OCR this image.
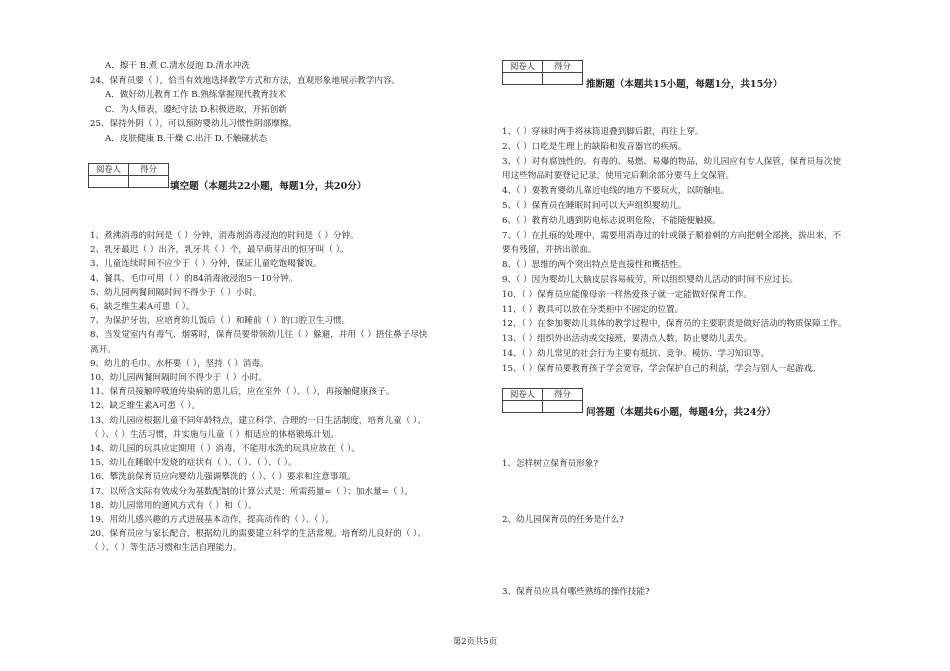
A．擦干 B.煮 C.清水侵泡 D.清水冲洗
24、保育员要（ ），恰当有效地选择教学方式和方法，直观形象地展示教学内容。
A．做好幼儿教育工作 B.熟练掌握现代教育技术
C．为人师表，遵纪守法 D.积极进取，开拓创新
25、保持外阴（ ），可以预防婴幼儿习惯性阴部摩擦。
A．皮肤健康 B.干燥 C.出汗 D.不触碰状态
阅卷人	得分

填空题（本题共22小题，每题1分，共20分）
1、煮沸消毒的时间是（ ）分钟，消毒剂消毒浸泡的时间是（ ）分钟。
2、乳牙最迟（ ）出齐，乳牙共（ ）个，最早萌芽出的恒牙叫（ ）。
3、儿童连续时间不应少于（ ）分钟，保证儿童吃饱喝餐饭。
4、餐具、毛巾可用（ ）的84消毒液浸泡5－10分钟。
5、幼儿园两餐间隔时间不得少于（ ）小时。
6、缺乏维生素A可患（ ）。
7、为保护牙齿，应培育幼儿饭后（ ）和睡前（ ）的口腔卫生习惯。
8、当发觉室内有毒气、烟雾时，保育员要带领幼儿往（ ）躲避，并用（ ）捂住鼻子尽快
离开。
9、幼儿的毛巾、水杯要（ ），坚持（ ）消毒。
10、幼儿园两餐间隔时间不得少于（ ）小时。
11、保育员接触呼吸道传染病的患儿后，应在室外（ ）、（ ），再接触健康孩子。
12、缺乏维生素A可患（ ）。
13、幼儿园应根据儿童不同年龄特点，建立科学、合理的一日生活制度，培育儿童（ ）、
（ ）、（ ）生活习惯，并实施与儿童（ ）相适应的体格锻炼计划。
14、幼儿园的玩具应定期用（ ）消毒，不能用水洗的玩具应放在（ ）。
15、幼儿在睡眠中发烧的症状有（ ）、（ ）、（ ）、（ ）。
16、攀洗前保育员应向婴幼儿强调攀洗的（ ）、（ ）要求和注意事项。
17、以所含实际有效成分为基数配制的计算公式是：所需药量=（ ）；加水量=（ ）。
18、幼儿园常用的通风方式有（ ）和（ ）。
19、用幼儿感兴趣的方式进展基本动作，提高动作的（ ）、（ ）。
20、保育员应与家长配合，根据幼儿的需要建立科学的生活常规。培育幼儿良好的（ ）、
（ ）、（ ）等生活习惯和生活自理能力。
阅卷人	得分

推断题（本题共15小题，每题1分，共15分）
1、（ ）穿袜时两手将袜筒退叠到脚后跟，再往上穿。
2、（ ）口吃是生理上的缺陷和发音器官的疾病。
3、（ ）对有腐蚀性的、有毒的、易燃、易爆的物品，幼儿园应有专人保管，保育员每次使
用这些物品时要登记记录，使用完后剩余部分要马上交保管。
4、（ ）要教育婴幼儿靠近电线的地方不要玩火，以防触电。
5、（ ）保育员在睡眠时间可以大声组织婴幼儿。
6、（ ）教育幼儿遇到防电标志说明危险，不能随便触摸。
7、（ ）在扎痕的处理中，需要用消毒过的针或镊子顺着刺的方向把刺全部挑，拔出来，不
要有残留，并挤出淤血。
8、（ ）思维的两个突出特点是直接性和概括性。
9、（ ）因为婴幼儿大脑皮层容易疲劳，所以组织婴幼儿活动的时间不应过长。
10、（ ）保育员应能像母亲一样热爱孩子就一定能做好保育工作。
11、（ ）教具可以放在分类柜中不固定的位置。
12、（ ）在参加婴幼儿具体的教学过程中，保育员的主要职责是做好活动的物质保障工作。
13、（ ）组织外出活动或交接班，要清点人数，防止婴幼儿丢失。
14、（ ）幼儿常见的社会行为主要有抵抗、竞争、模仿、学习知识等。
15、（ ）保育员要教育孩子学会宽容，学会保护自己的利益，学会与别人一起游戏。
阅卷人	得分

问答题（本题共6小题，每题4分，共24分）
1、怎样树立保育员形象?
2、幼儿园保育员的任务是什么?
3、保育员应具有哪些熟练的操作技能?
第2页共5页
